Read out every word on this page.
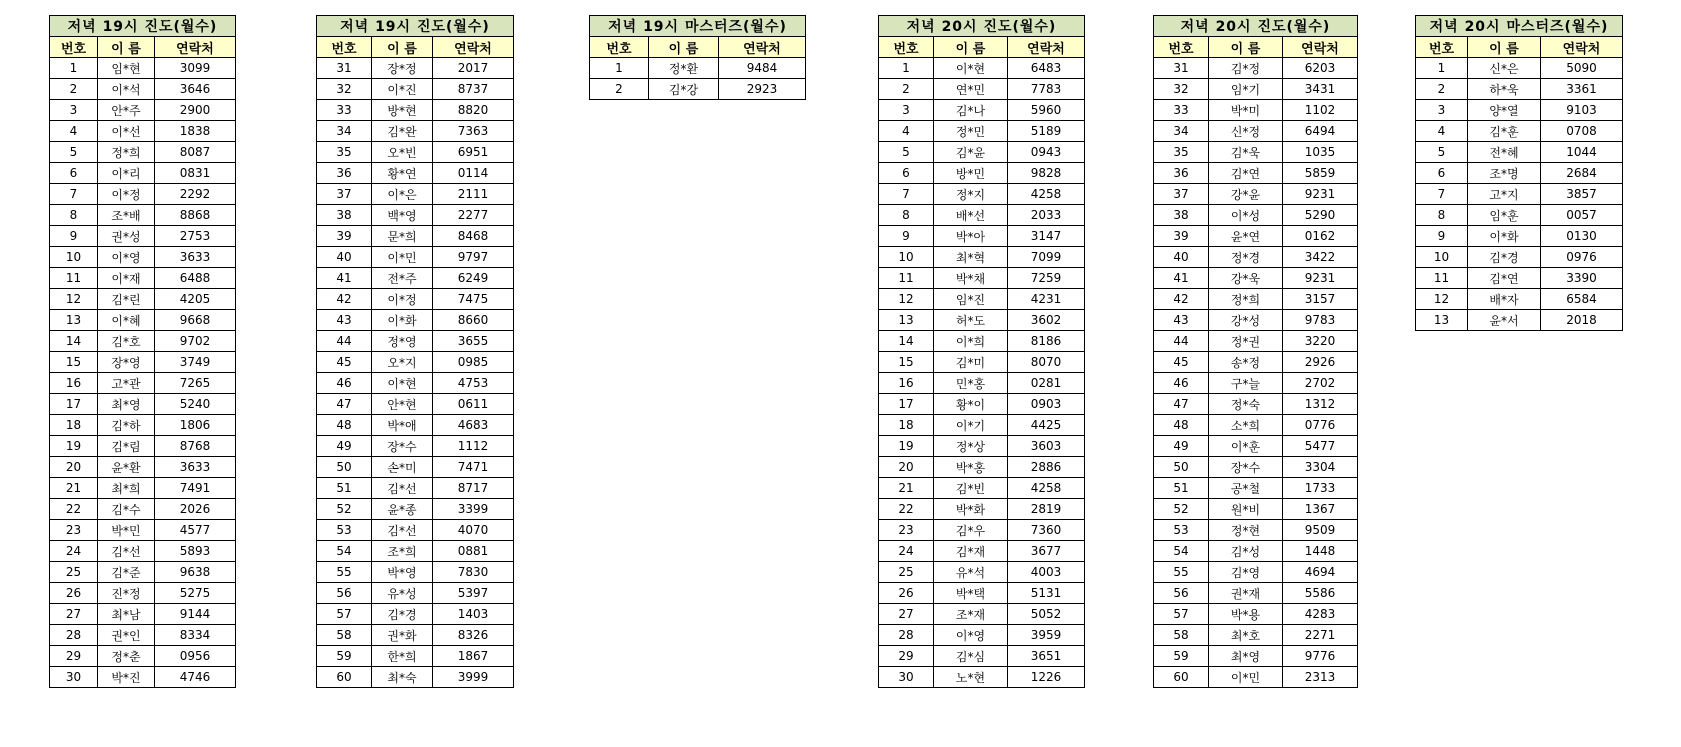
저녁 19시 진도(월수)		
번호	이 름	연락처
1	임*현	3099
2	이*석	3646
3	안*주	2900
4	이*선	1838
5	정*희	8087
6	이*리	0831
7	이*정	2292
8	조*배	8868
9	권*성	2753
10	이*영	3633
11	이*재	6488
12	김*린	4205
13	이*혜	9668
14	김*호	9702
15	장*영	3749
16	고*관	7265
17	최*영	5240
18	김*하	1806
19	김*림	8768
20	윤*환	3633
21	최*희	7491
22	김*수	2026
23	박*민	4577
24	김*선	5893
25	김*준	9638
26	진*정	5275
27	최*남	9144
28	권*인	8334
29	정*춘	0956
30	박*진	4746
저녁 19시 진도(월수)		
번호	이 름	연락처
31	장*정	2017
32	이*진	8737
33	방*현	8820
34	김*완	7363
35	오*빈	6951
36	황*연	0114
37	이*은	2111
38	백*영	2277
39	문*희	8468
40	이*민	9797
41	전*주	6249
42	이*정	7475
43	이*화	8660
44	정*영	3655
45	오*지	0985
46	이*현	4753
47	안*현	0611
48	박*애	4683
49	장*수	1112
50	손*미	7471
51	김*선	8717
52	윤*종	3399
53	김*선	4070
54	조*희	0881
55	박*영	7830
56	유*성	5397
57	김*경	1403
58	권*화	8326
59	한*희	1867
60	최*숙	3999
저녁 19시 마스터즈(월수)		
번호	이 름	연락처
1	정*환	9484
2	김*강	2923
저녁 20시 진도(월수)		
번호	이 름	연락처
1	이*현	6483
2	연*민	7783
3	김*나	5960
4	정*민	5189
5	김*윤	0943
6	방*민	9828
7	정*지	4258
8	배*선	2033
9	박*아	3147
10	최*혁	7099
11	박*채	7259
12	임*진	4231
13	허*도	3602
14	이*희	8186
15	김*미	8070
16	민*홍	0281
17	황*이	0903
18	이*기	4425
19	정*상	3603
20	박*홍	2886
21	김*빈	4258
22	박*화	2819
23	김*우	7360
24	김*재	3677
25	유*석	4003
26	박*택	5131
27	조*재	5052
28	이*영	3959
29	김*심	3651
30	노*현	1226
저녁 20시 진도(월수)		
번호	이 름	연락처
31	김*정	6203
32	임*기	3431
33	박*미	1102
34	신*정	6494
35	김*욱	1035
36	김*연	5859
37	강*윤	9231
38	이*성	5290
39	윤*연	0162
40	정*경	3422
41	강*욱	9231
42	정*희	3157
43	강*성	9783
44	정*권	3220
45	송*정	2926
46	구*늘	2702
47	정*숙	1312
48	소*희	0776
49	이*훈	5477
50	장*수	3304
51	공*철	1733
52	원*비	1367
53	정*현	9509
54	김*성	1448
55	김*영	4694
56	권*재	5586
57	박*용	4283
58	최*호	2271
59	최*영	9776
60	이*민	2313
저녁 20시 마스터즈(월수)		
번호	이 름	연락처
1	신*은	5090
2	하*욱	3361
3	양*열	9103
4	김*훈	0708
5	전*혜	1044
6	조*명	2684
7	고*지	3857
8	임*훈	0057
9	이*화	0130
10	김*경	0976
11	김*연	3390
12	배*자	6584
13	윤*서	2018
